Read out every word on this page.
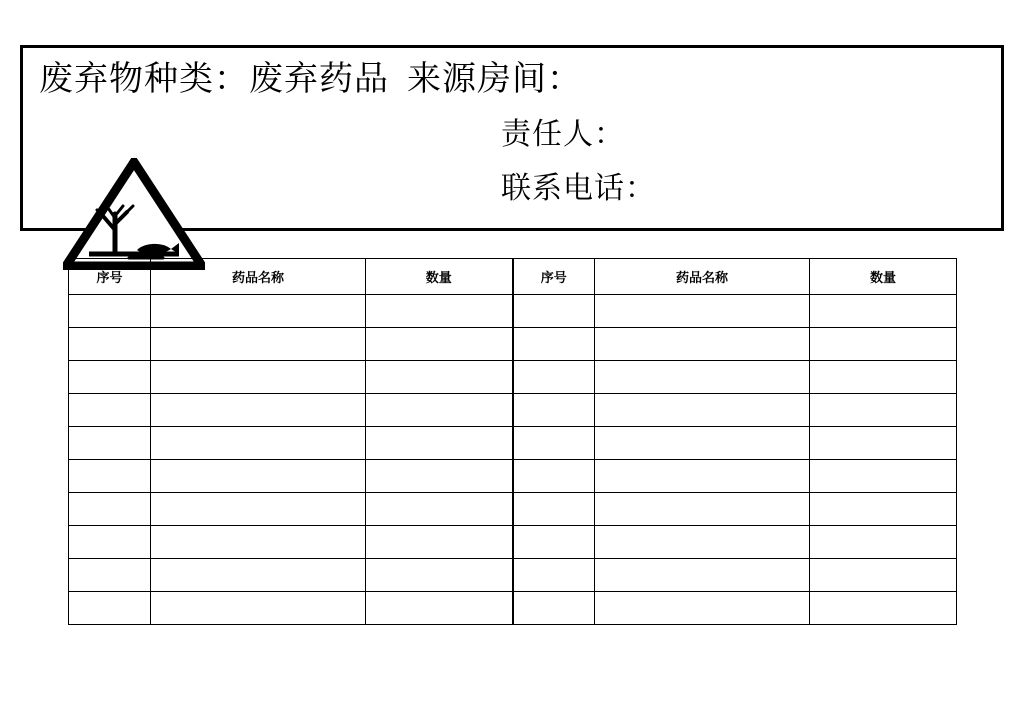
废弃物种类： 废弃药品 来源房间：
责任人：
联系电话：
序号	药品名称	数量	序号	药品名称	数量
